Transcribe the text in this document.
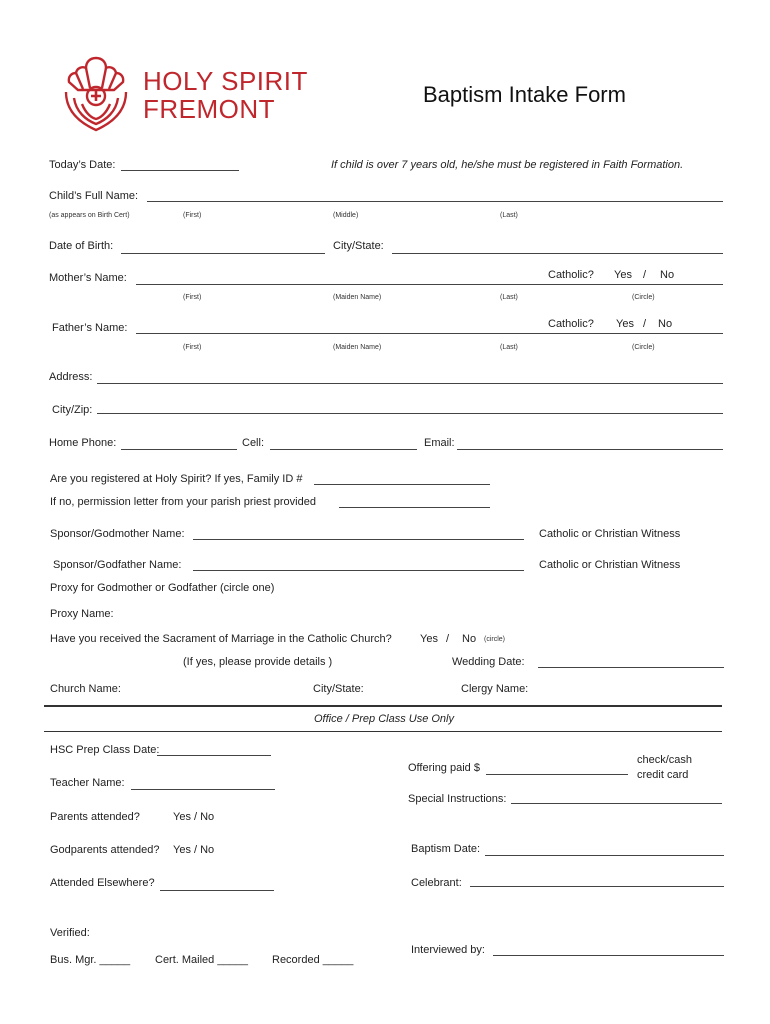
HOLY SPIRIT
FREMONT	Baptism Intake Form
Today’s Date:	If child is over 7 years old, he/she must be registered in Faith Formation.
Child’s Full Name:
(as appears on Birth Cert)	(First)	(Middle)	(Last)
Date of Birth:	City/State:
Mother’s Name:	Catholic? Yes / No
(First)	(Maiden Name)	(Last)	(Circle)
Father’s Name:	Catholic? Yes / No
(First)	(Maiden Name)	(Last)	(Circle)
Address:
City/Zip:
Home Phone:	Cell:	Email:
Are you registered at Holy Spirit? If yes, Family ID #
If no, permission letter from your parish priest provided
Sponsor/Godmother Name:	Catholic or Christian Witness
Sponsor/Godfather Name:	Catholic or Christian Witness
Proxy for Godmother or Godfather (circle one)
Proxy Name:
Have you received the Sacrament of Marriage in the Catholic Church?	Yes / No (circle)
(If yes, please provide details )	Wedding Date:
Church Name:	City/State:	Clergy Name:
Office / Prep Class Use Only
HSC Prep Class Date:
Teacher Name:
Parents attended?	Yes / No
Godparents attended? Yes / No
Attended Elsewhere?
Verified:
Bus. Mgr. _____ Cert. Mailed _____ Recorded _____
Offering paid $
check/cash
credit card
Special Instructions:
Baptism Date:
Celebrant:
Interviewed by:
